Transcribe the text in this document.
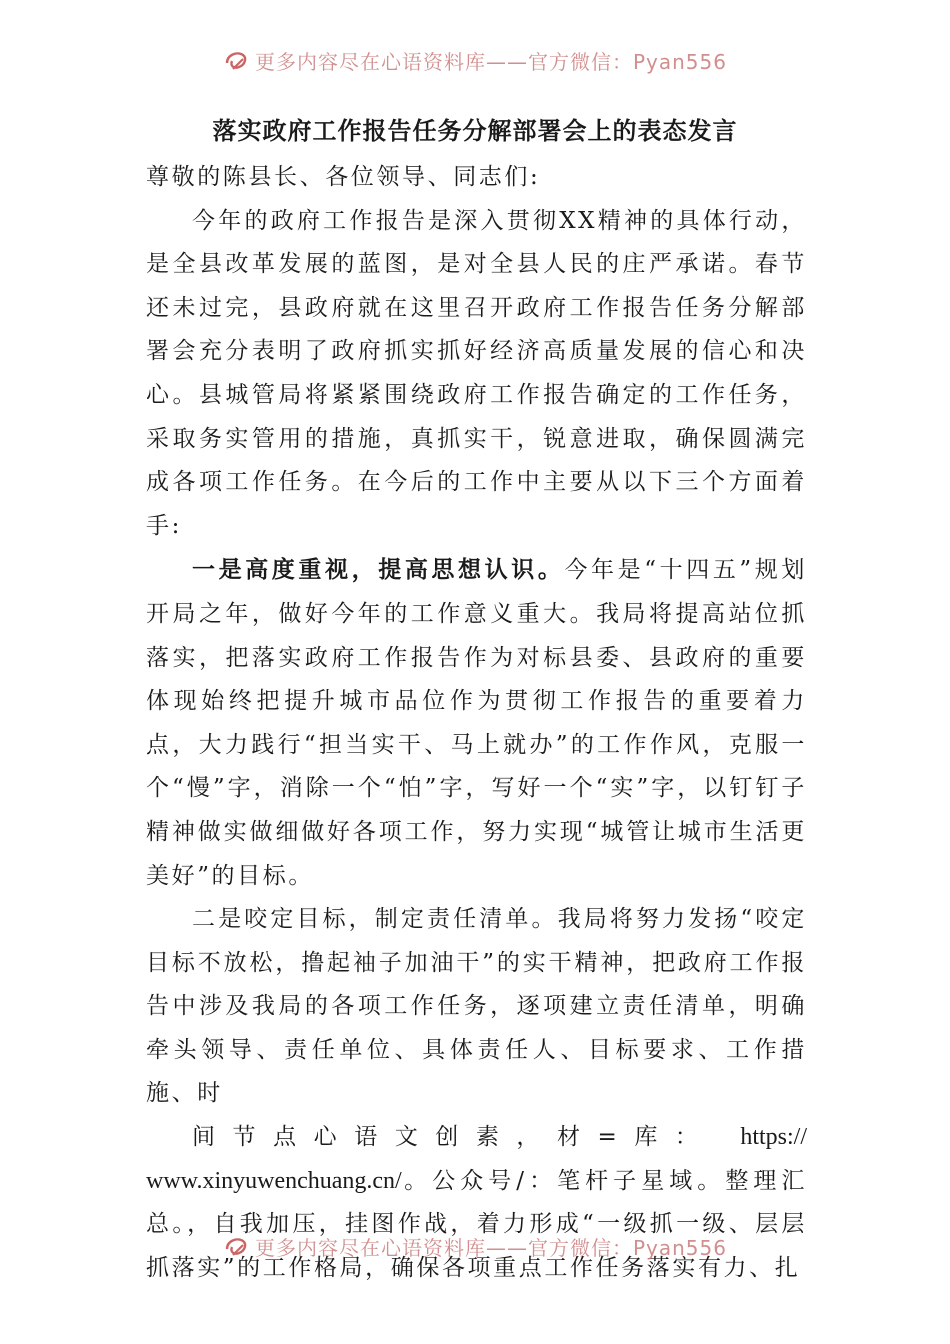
更多内容尽在心语资料库——官方微信：Pyan556
落实政府工作报告任务分解部署会上的表态发言

尊敬的陈县长、各位领导、同志们:

今年的政府工作报告是深入贯彻XX精神的具体行动，是全县改革发展的蓝图，是对全县人民的庄严承诺。春节还未过完，县政府就在这里召开政府工作报告任务分解部署会充分表明了政府抓实抓好经济高质量发展的信心和决心。县城管局将紧紧围绕政府工作报告确定的工作任务，采取务实管用的措施，真抓实干，锐意进取，确保圆满完成各项工作任务。在今后的工作中主要从以下三个方面着手:

一是高度重视，提高思想认识。今年是“十四五”规划开局之年，做好今年的工作意义重大。我局将提高站位抓落实，把落实政府工作报告作为对标县委、县政府的重要体现始终把提升城市品位作为贯彻工作报告的重要着力点，大力践行“担当实干、马上就办”的工作作风，克服一个“慢”字，消除一个“怕”字，写好一个“实”字，以钉钉子精神做实做细做好各项工作，努力实现“城管让城市生活更美好”的目标。

二是咬定目标，制定责任清单。我局将努力发扬“咬定目标不放松，撸起袖子加油干”的实干精神，把政府工作报告中涉及我局的各项工作任务，逐项建立责任清单，明确牵头领导、责任单位、具体责任人、目标要求、工作措施、时
间节点心语文创素，材=库： https://
www.xinyuwenchuang.cn/。公众号/：笔杆子星域。整理汇总。，自我加压，挂图作战，着力形成“一级抓一级、层层抓落实”的工作格局，确保各项重点工作任务落实有力、扎

更多内容尽在心语资料库——官方微信：Pyan556
